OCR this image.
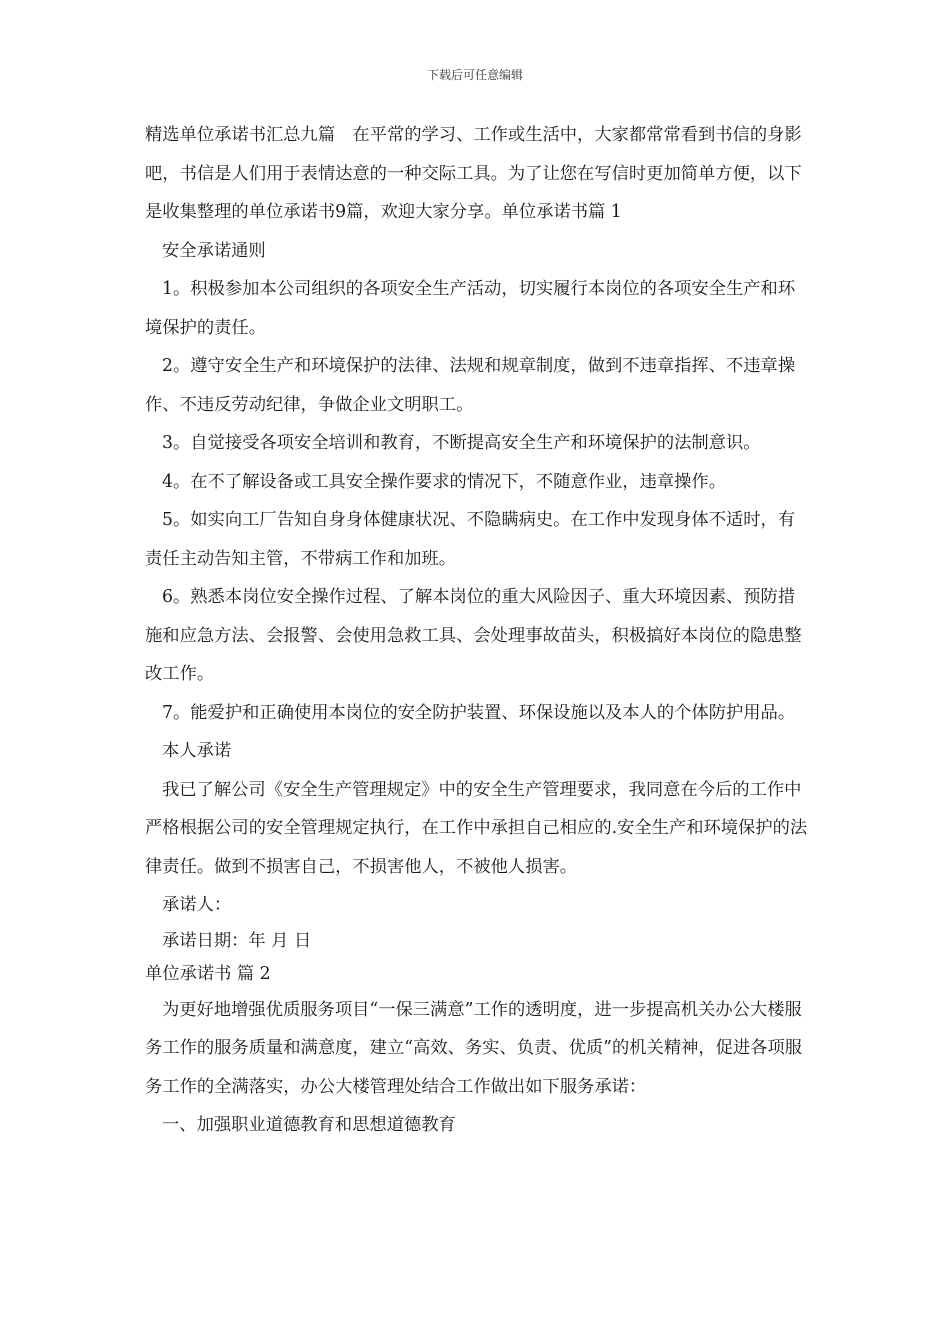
下载后可任意编辑

精选单位承诺书汇总九篇　在平常的学习、工作或生活中，大家都常常看到书信的身影吧，书信是人们用于表情达意的一种交际工具。为了让您在写信时更加简单方便，以下是收集整理的单位承诺书9篇，欢迎大家分享。单位承诺书篇 1

安全承诺通则

1。积极参加本公司组织的各项安全生产活动，切实履行本岗位的各项安全生产和环境保护的责任。

2。遵守安全生产和环境保护的法律、法规和规章制度，做到不违章指挥、不违章操作、不违反劳动纪律，争做企业文明职工。

3。自觉接受各项安全培训和教育，不断提高安全生产和环境保护的法制意识。

4。在不了解设备或工具安全操作要求的情况下，不随意作业，违章操作。

5。如实向工厂告知自身身体健康状况、不隐瞒病史。在工作中发现身体不适时，有责任主动告知主管，不带病工作和加班。

6。熟悉本岗位安全操作过程、了解本岗位的重大风险因子、重大环境因素、预防措施和应急方法、会报警、会使用急救工具、会处理事故苗头，积极搞好本岗位的隐患整改工作。

7。能爱护和正确使用本岗位的安全防护装置、环保设施以及本人的个体防护用品。

本人承诺

我已了解公司《安全生产管理规定》中的安全生产管理要求，我同意在今后的工作中严格根据公司的安全管理规定执行，在工作中承担自己相应的.安全生产和环境保护的法律责任。做到不损害自己，不损害他人，不被他人损害。

承诺人：

承诺日期：年 月 日

单位承诺书 篇 2

为更好地增强优质服务项目“一保三满意”工作的透明度，进一步提高机关办公大楼服务工作的服务质量和满意度，建立“高效、务实、负责、优质”的机关精神，促进各项服务工作的全满落实，办公大楼管理处结合工作做出如下服务承诺：

一、加强职业道德教育和思想道德教育
